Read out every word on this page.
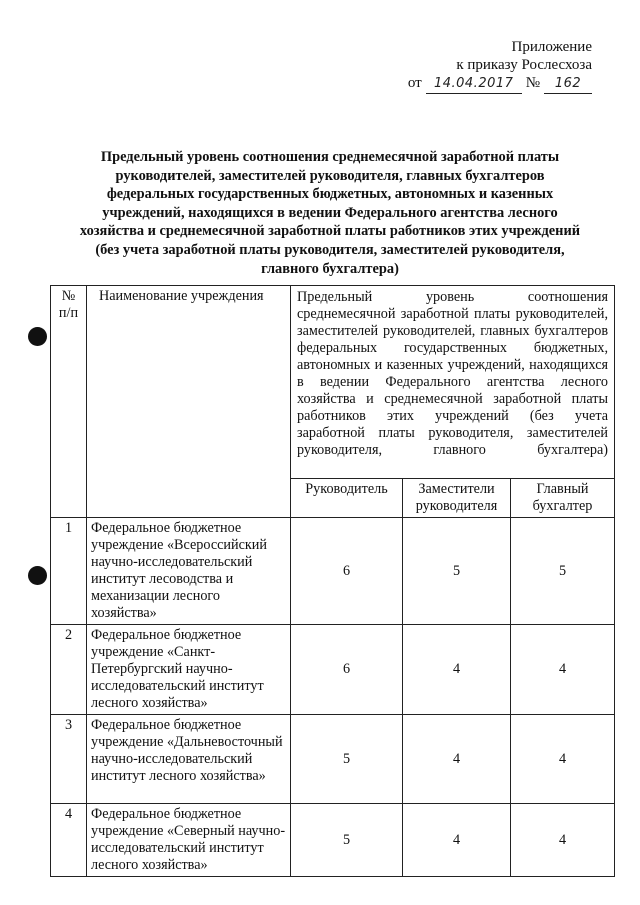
Приложение
к приказу Рослесхоза
от 14.04.2017 №	162
Предельный уровень соотношения среднемесячной заработной платы руководителей, заместителей руководителя, главных бухгалтеров федеральных государственных бюджетных, автономных и казенных учреждений, находящихся в ведении Федерального агентства лесного хозяйства и среднемесячной заработной платы работников этих учреждений (без учета заработной платы руководителя, заместителей руководителя, главного бухгалтера)
№ п/п	Наименование учреждения	Предельный уровень соотношения среднемесячной заработной платы руководителей, заместителей руководителей, главных бухгалтеров федеральных государственных бюджетных, автономных и казенных учреждений, находящихся в ведении Федерального агентства лесного хозяйства и среднемесячной заработной платы работников этих учреждений (без учета заработной платы руководителя, заместителей руководителя, главного бухгалтера)		
		Руководитель	Заместители руководителя	Главный бухгалтер
1	Федеральное бюджетное учреждение «Всероссийский научно-исследовательский институт лесоводства и механизации лесного хозяйства»	6	5	5
2	Федеральное бюджетное учреждение «Санкт-Петербургский научно-исследовательский институт лесного хозяйства»	6	4	4
3	Федеральное бюджетное учреждение «Дальневосточный научно-исследовательский институт лесного хозяйства»	5	4	4
4	Федеральное бюджетное учреждение «Северный научно-исследовательский институт лесного хозяйства»	5	4	4
